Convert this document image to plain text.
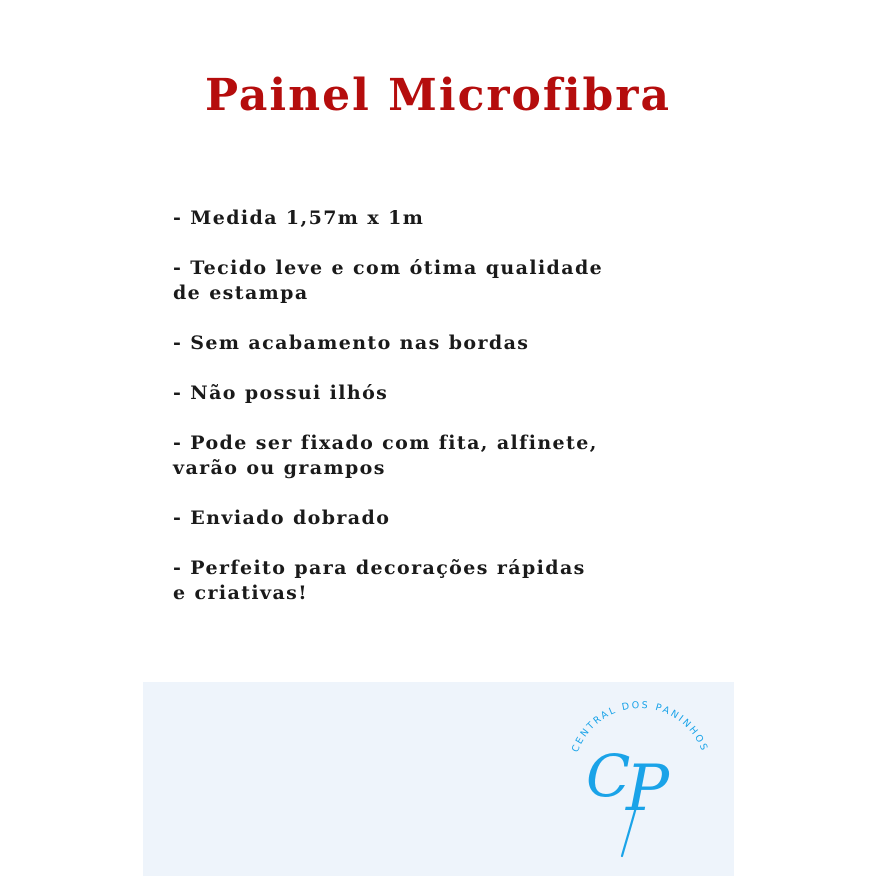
Painel Microfibra
- Medida 1,57m x 1m
- Tecido leve e com ótima qualidade
de estampa
- Sem acabamento nas bordas
- Não possui ilhós
- Pode ser fixado com fita, alfinete,
varão ou grampos
- Enviado dobrado
- Perfeito para decorações rápidas
e criativas!
CENTRAL DOS PANINHOS
C
P
